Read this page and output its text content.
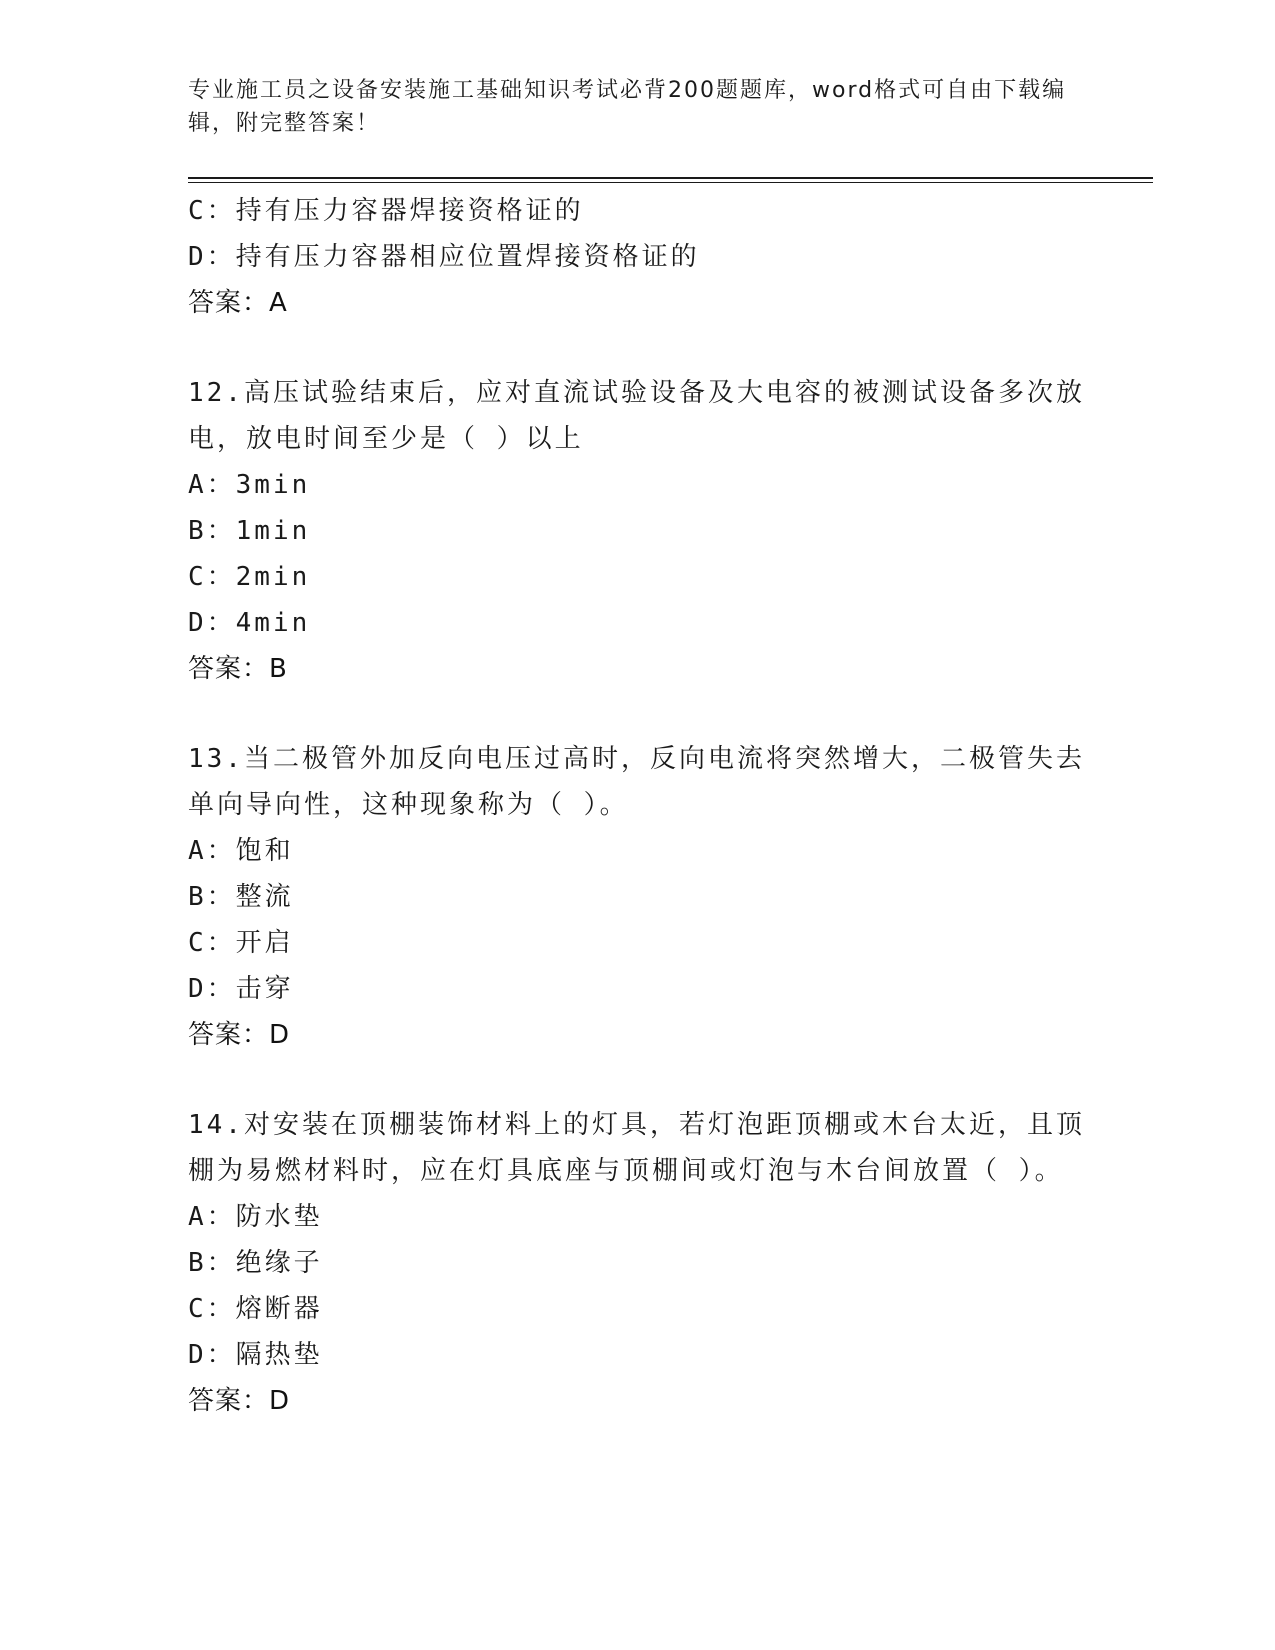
专业施工员之设备安装施工基础知识考试必背200题题库，word格式可自由下载编辑，附完整答案！
C：持有压力容器焊接资格证的
D：持有压力容器相应位置焊接资格证的
答案：A
12.高压试验结束后，应对直流试验设备及大电容的被测试设备多次放
电，放电时间至少是（ ）以上
A：3min
B：1min
C：2min
D：4min
答案：B
13.当二极管外加反向电压过高时，反向电流将突然增大，二极管失去
单向导向性，这种现象称为（ ）。
A：饱和
B：整流
C：开启
D：击穿
答案：D
14.对安装在顶棚装饰材料上的灯具，若灯泡距顶棚或木台太近，且顶
棚为易燃材料时，应在灯具底座与顶棚间或灯泡与木台间放置（ ）。
A：防水垫
B：绝缘子
C：熔断器
D：隔热垫
答案：D
